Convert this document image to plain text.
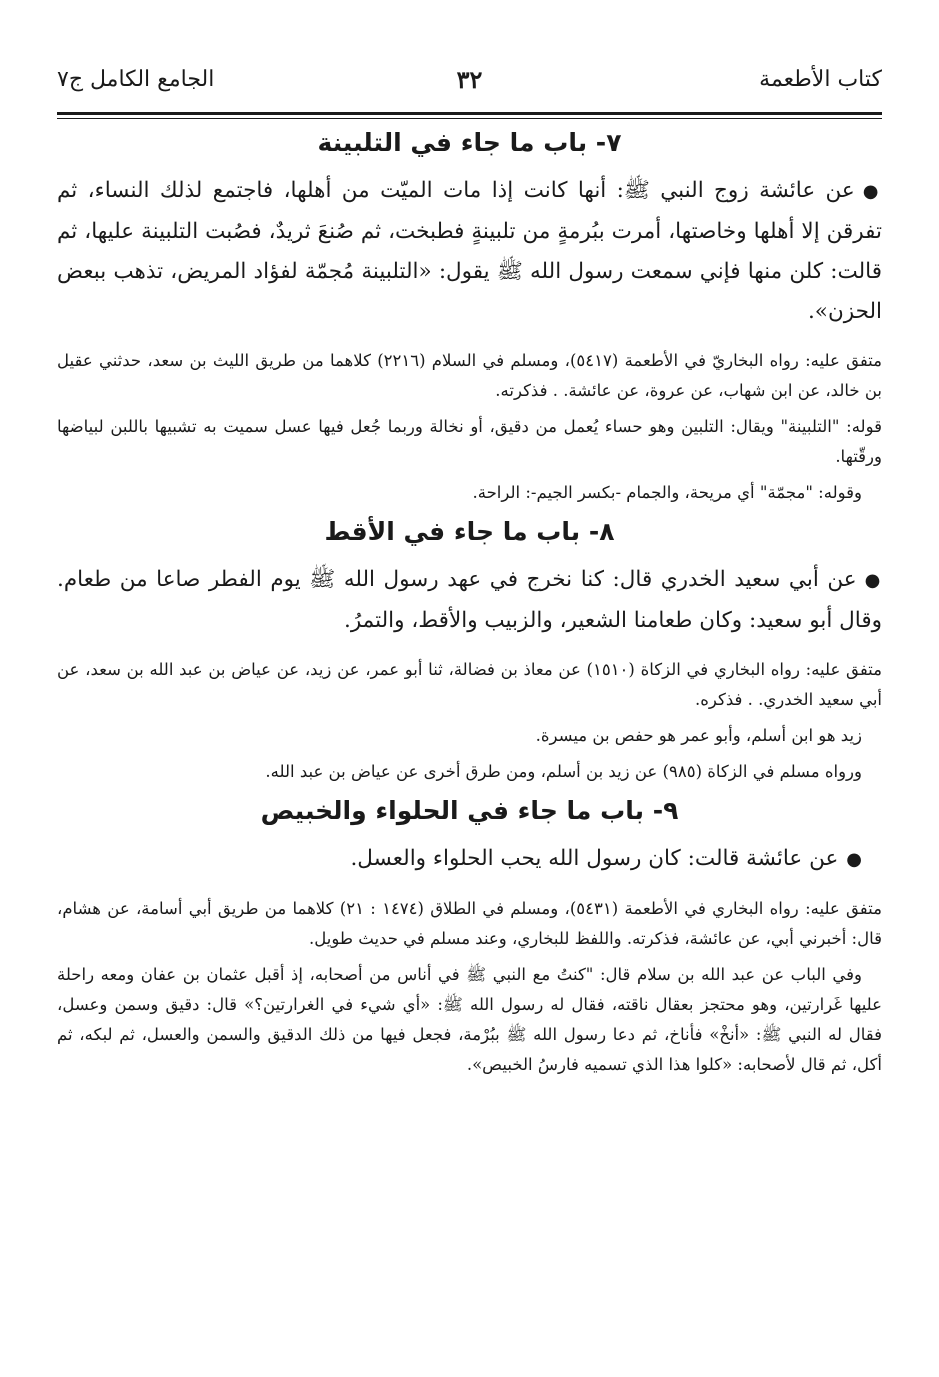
كتاب الأطعمة
٣٢
الجامع الكامل ج٧
٧- باب ما جاء في التلبينة

●عن عائشة زوج النبي ﷺ: أنها كانت إذا مات الميّت من أهلها، فاجتمع لذلك النساء، ثم تفرقن إلا أهلها وخاصتها، أمرت ببُرمةٍ من تلبينةٍ فطبخت، ثم صُنعَ ثريدٌ، فصُبت التلبينة عليها، ثم قالت: كلن منها فإني سمعت رسول الله ﷺ يقول: «التلبينة مُجمّة لفؤاد المريض، تذهب ببعض الحزن».

متفق عليه: رواه البخاريّ في الأطعمة (٥٤١٧)، ومسلم في السلام (٢٢١٦) كلاهما من طريق الليث بن سعد، حدثني عقيل بن خالد، عن ابن شهاب، عن عروة، عن عائشة. . فذكرته.

قوله: "التلبينة" ويقال: التلبين وهو حساء يُعمل من دقيق، أو نخالة وربما جُعل فيها عسل سميت به تشبيها باللبن لبياضها ورقّتها.

وقوله: "مجمّة" أي مريحة، والجمام -بكسر الجيم-: الراحة.

٨- باب ما جاء في الأقط

●عن أبي سعيد الخدري قال: كنا نخرج في عهد رسول الله ﷺ يوم الفطر صاعا من طعام. وقال أبو سعيد: وكان طعامنا الشعير، والزبيب والأقط، والتمرُ.

متفق عليه: رواه البخاري في الزكاة (١٥١٠) عن معاذ بن فضالة، ثنا أبو عمر، عن زيد، عن عياض بن عبد الله بن سعد، عن أبي سعيد الخدري. . فذكره.

زيد هو ابن أسلم، وأبو عمر هو حفص بن ميسرة.

ورواه مسلم في الزكاة (٩٨٥) عن زيد بن أسلم، ومن طرق أخرى عن عياض بن عبد الله.

٩- باب ما جاء في الحلواء والخبيص

●عن عائشة قالت: كان رسول الله يحب الحلواء والعسل.

متفق عليه: رواه البخاري في الأطعمة (٥٤٣١)، ومسلم في الطلاق (١٤٧٤ : ٢١) كلاهما من طريق أبي أسامة، عن هشام، قال: أخبرني أبي، عن عائشة، فذكرته. واللفظ للبخاري، وعند مسلم في حديث طويل.

وفي الباب عن عبد الله بن سلام قال: "كنتُ مع النبي ﷺ في أناس من أصحابه، إذ أقبل عثمان بن عفان ومعه راحلة عليها غَرارتين، وهو محتجز بعقال ناقته، فقال له رسول الله ﷺ: «أي شيء في الغرارتين؟» قال: دقيق وسمن وعسل، فقال له النبي ﷺ: «أنخْ» فأناخ، ثم دعا رسول الله ﷺ ببُرْمة، فجعل فيها من ذلك الدقيق والسمن والعسل، ثم لبكه، ثم أكل، ثم قال لأصحابه: «كلوا هذا الذي تسميه فارسُ الخبيص».
